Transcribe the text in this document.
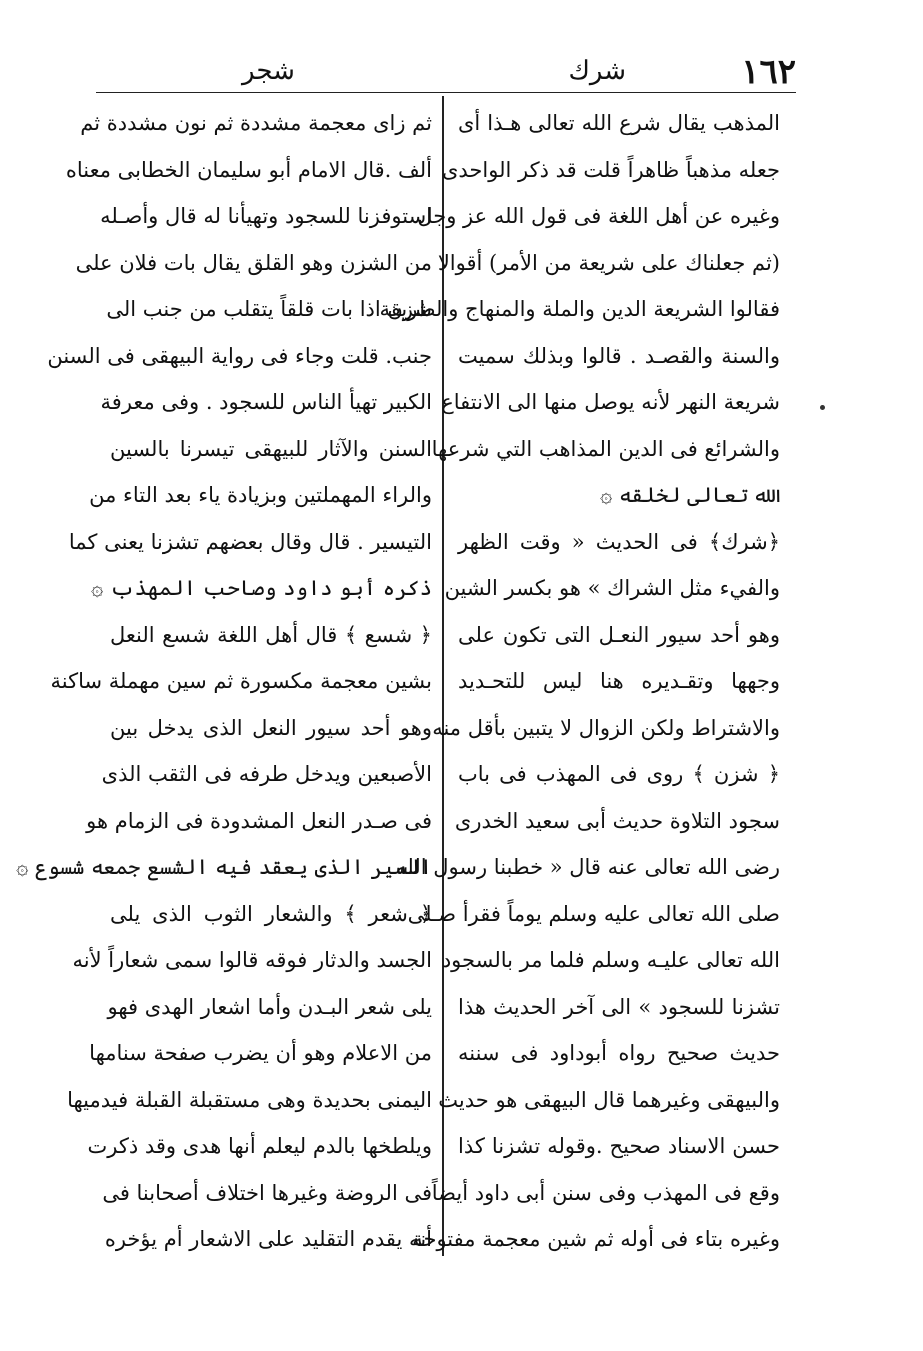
١٦٢
شرك
شجر
المذهب يقال شرع الله تعالى هـذا أى
جعله مذهباً ظاهراً قلت قد ذكر الواحدى
وغيره عن أهل اللغة فى قول الله عز وجل
(ثم جعلناك على شريعة من الأمر) أقوالا
فقالوا الشريعة الدين والملة والمنهاج والطريقة
والسنة والقصـد . قالوا وبذلك سميت
شريعة النهر لأنه يوصل منها الى الانتفاع
والشرائع فى الدين المذاهب التي شرعها
الله تعالى لخلقه ۞
﴿شرك﴾ فى الحديث « وقت الظهر
والفيء مثل الشراك » هو بكسر الشين
وهو أحد سيور النعـل التى تكون على
وجهها وتقـديره هنا ليس للتحـديد
والاشتراط ولكن الزوال لا يتبين بأقل منه
﴿ شزن ﴾ روى فى المهذب فى باب
سجود التلاوة حديث أبى سعيد الخدرى
رضى الله تعالى عنه قال « خطبنا رسول الله
صلى الله تعالى عليه وسلم يوماً فقرأ صـلى
الله تعالى عليـه وسلم فلما مر بالسجود
تشزنا للسجود » الى آخر الحديث هذا
حديث صحيح رواه أبوداود فى سننه
والبيهقى وغيرهما قال البيهقى هو حديث
حسن الاسناد صحيح .وقوله تشزنا كذا
وقع فى المهذب وفى سنن أبى داود أيضاً
وغيره بتاء فى أوله ثم شين معجمة مفتوحة
ثم زاى معجمة مشددة ثم نون مشددة ثم
ألف .قال الامام أبو سليمان الخطابى معناه
استوفزنا للسجود وتهيأنا له قال وأصـله
من الشزن وهو القلق يقال بات فلان على
شزن اذا بات قلقاً يتقلب من جنب الى
جنب. قلت وجاء فى رواية البيهقى فى السنن
الكبير تهيأ الناس للسجود . وفى معرفة
السنن والآثار للبيهقى تيسرنا بالسين
والراء المهملتين وبزيادة ياء بعد التاء من
التيسير . قال وقال بعضهم تشزنا يعنى كما
ذكره أبو داود وصاحب المهذب ۞
﴿ شسع ﴾ قال أهل اللغة شسع النعل
بشين معجمة مكسورة ثم سين مهملة ساكنة
وهو أحد سيور النعل الذى يدخل بين
الأصبعين ويدخل طرفه فى الثقب الذى
فى صـدر النعل المشدودة فى الزمام هو
السير الذى يعقد فيه الشسع جمعه شسوع ۞
﴿ شعر ﴾ والشعار الثوب الذى يلى
الجسد والدثار فوقه قالوا سمى شعاراً لأنه
يلى شعر البـدن وأما اشعار الهدى فهو
من الاعلام وهو أن يضرب صفحة سنامها
اليمنى بحديدة وهى مستقبلة القبلة فيدميها
ويلطخها بالدم ليعلم أنها هدى وقد ذكرت
فى الروضة وغيرها اختلاف أصحابنا فى
أنه يقدم التقليد على الاشعار أم يؤخره
